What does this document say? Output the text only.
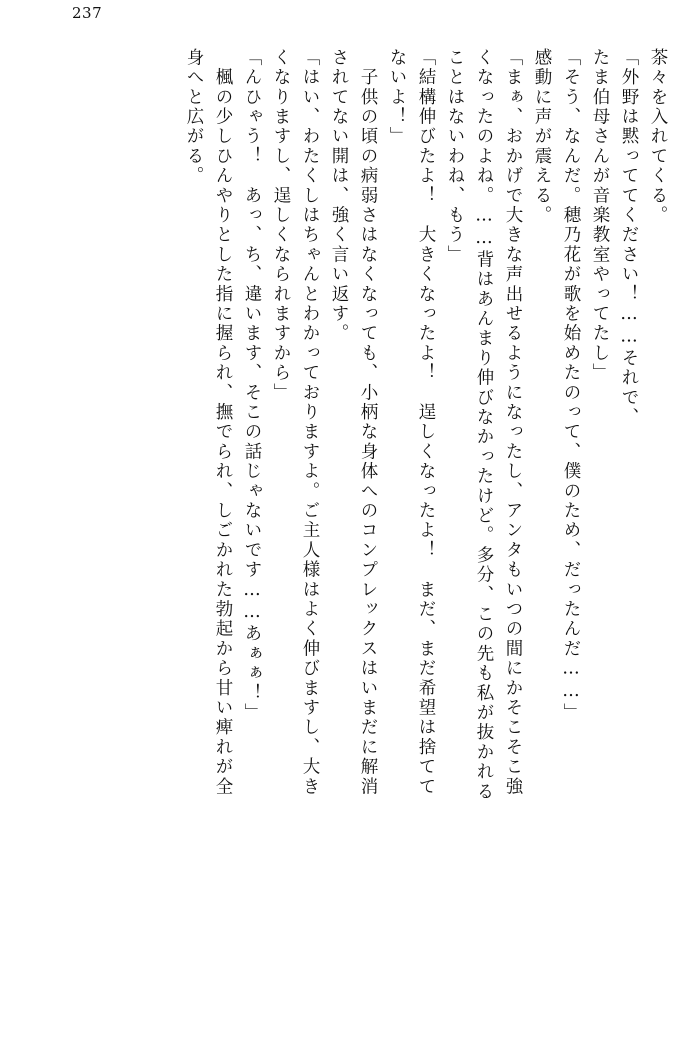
237
茶々を入れてくる。
「外野は黙っててください！……それで、
たま伯母さんが音楽教室やってたし」
「そう、なんだ。穂乃花が歌を始めたのって、僕のため、だったんだ……」
感動に声が震える。
「まぁ、おかげで大きな声出せるようになったし、アンタもいつの間にかそこそこ強
くなったのよね。……背はあんまり伸びなかったけど。多分、この先も私が抜かれる
ことはないわね、もう」
「結構伸びたよ！　大きくなったよ！　逞しくなったよ！　まだ、まだ希望は捨てて
ないよ！」
　子供の頃の病弱さはなくなっても、小柄な身体へのコンプレックスはいまだに解消
されてない開は、強く言い返す。
「はい、わたくしはちゃんとわかっておりますよ。ご主人様はよく伸びますし、大き
くなりますし、逞しくなられますから」
「んひゃう！　あっ、ち、違います、そこの話じゃないです……あぁぁ！」
　楓の少しひんやりとした指に握られ、撫でられ、しごかれた勃起から甘い痺れが全
身へと広がる。
